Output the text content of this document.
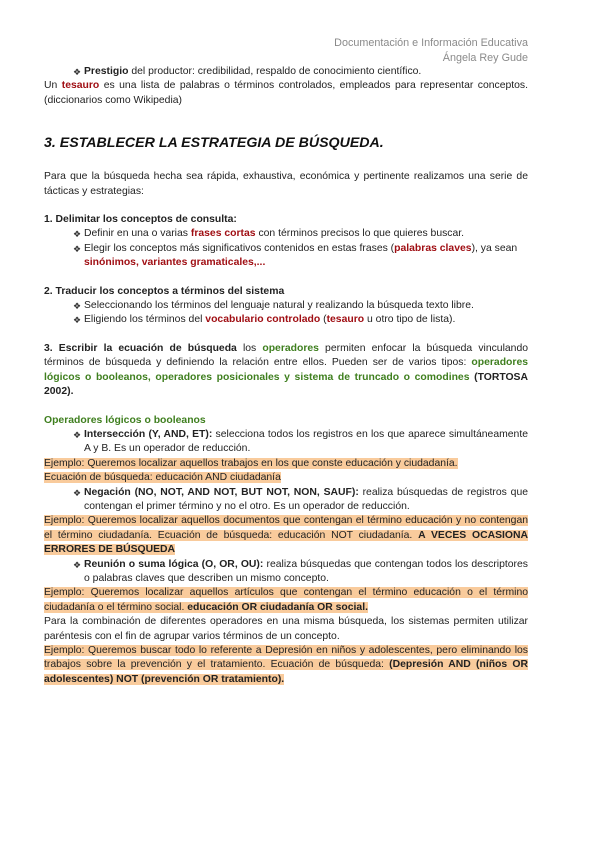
Documentación e Información Educativa
Ángela Rey Gude

❖ Prestigio del productor: credibilidad, respaldo de conocimiento científico.

Un tesauro es una lista de palabras o términos controlados, empleados para representar conceptos. (diccionarios como Wikipedia)

3. ESTABLECER LA ESTRATEGIA DE BÚSQUEDA.

Para que la búsqueda hecha sea rápida, exhaustiva, económica y pertinente realizamos una serie de tácticas y estrategias:

1. Delimitar los conceptos de consulta:

❖ Definir en una o varias frases cortas con términos precisos lo que quieres buscar.

❖ Elegir los conceptos más significativos contenidos en estas frases (palabras claves), ya sean sinónimos, variantes gramaticales,...

2. Traducir los conceptos a términos del sistema

❖ Seleccionando los términos del lenguaje natural y realizando la búsqueda texto libre.

❖ Eligiendo los términos del vocabulario controlado (tesauro u otro tipo de lista).

3. Escribir la ecuación de búsqueda los operadores permiten enfocar la búsqueda vinculando términos de búsqueda y definiendo la relación entre ellos. Pueden ser de varios tipos: operadores lógicos o booleanos, operadores posicionales y sistema de truncado o comodines (TORTOSA 2002).

Operadores lógicos o booleanos

❖ Intersección (Y, AND, ET): selecciona todos los registros en los que aparece simultáneamente A y B. Es un operador de reducción.

Ejemplo: Queremos localizar aquellos trabajos en los que conste educación y ciudadanía.
Ecuación de búsqueda: educación AND ciudadanía

❖ Negación (NO, NOT, AND NOT, BUT NOT, NON, SAUF): realiza búsquedas de registros que contengan el primer término y no el otro. Es un operador de reducción.

Ejemplo: Queremos localizar aquellos documentos que contengan el término educación y no contengan el término ciudadanía. Ecuación de búsqueda: educación NOT ciudadanía. A VECES OCASIONA ERRORES DE BÚSQUEDA

❖ Reunión o suma lógica (O, OR, OU): realiza búsquedas que contengan todos los descriptores o palabras claves que describen un mismo concepto.

Ejemplo: Queremos localizar aquellos artículos que contengan el término educación o el término ciudadanía o el término social. educación OR ciudadanía OR social.

Para la combinación de diferentes operadores en una misma búsqueda, los sistemas permiten utilizar paréntesis con el fin de agrupar varios términos de un concepto.

Ejemplo: Queremos buscar todo lo referente a Depresión en niños y adolescentes, pero eliminando los trabajos sobre la prevención y el tratamiento. Ecuación de búsqueda: (Depresión AND (niños OR adolescentes) NOT (prevención OR tratamiento).
